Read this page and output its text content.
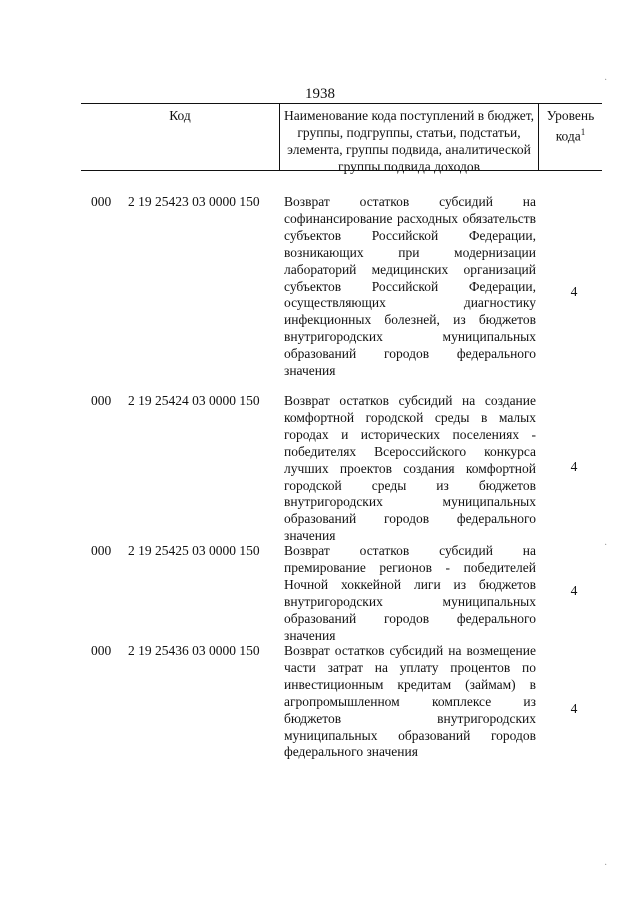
1938
Код	Наименование кода поступлений в бюджет, группы, подгруппы, статьи, подстатьи, элемента, группы подвида, аналитической группы подвида доходов
Уровень кода$^1$
000 2 19 25423 03 0000 150 Возврат остатков субсидий на софинансирование расходных обязательств субъектов Российской Федерации, возникающих при модернизации лабораторий медицинских организаций субъектов Российской Федерации, осуществляющих диагностику инфекционных болезней, из бюджетов внутригородских муниципальных образований городов федерального значения
4
000 2 19 25424 03 0000 150 Возврат остатков субсидий на создание комфортной городской среды в малых городах и исторических поселениях - победителях Всероссийского конкурса лучших проектов создания комфортной городской среды из бюджетов внутригородских муниципальных образований городов федерального значения
4
000 2 19 25425 03 0000 150 Возврат остатков субсидий на премирование регионов - победителей Ночной хоккейной лиги из бюджетов внутригородских муниципальных образований городов федерального значения
4
000 2 19 25436 03 0000 150 Возврат остатков субсидий на возмещение части затрат на уплату процентов по инвестиционным кредитам (займам) в агропромышленном комплексе из бюджетов внутригородских муниципальных образований городов федерального значения
4
·
·
·
